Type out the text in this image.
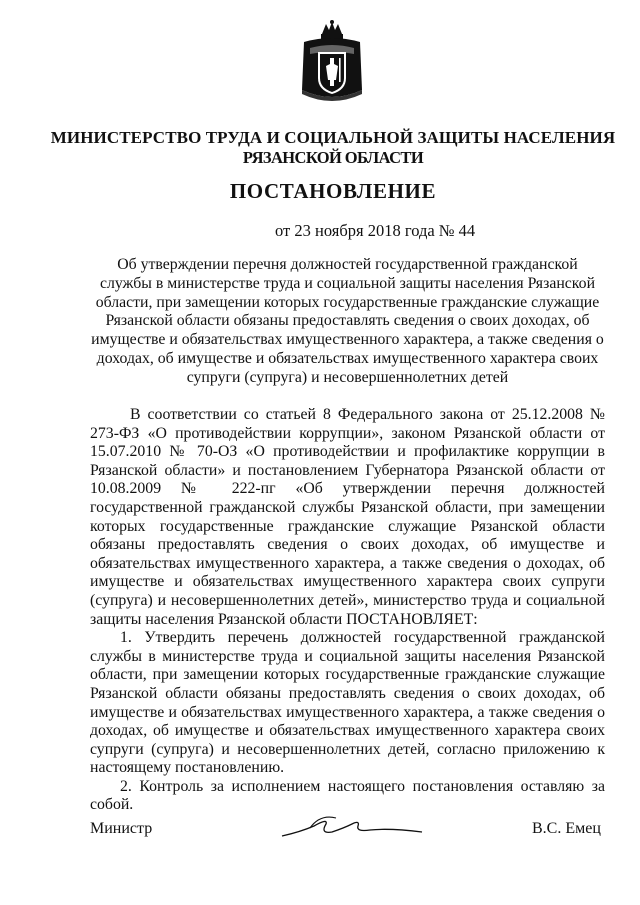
МИНИСТЕРСТВО ТРУДА И СОЦИАЛЬНОЙ ЗАЩИТЫ НАСЕЛЕНИЯ
РЯЗАНСКОЙ ОБЛАСТИ
ПОСТАНОВЛЕНИЕ
от 23 ноября 2018 года № 44
Об утверждении перечня должностей государственной гражданской службы в министерстве труда и социальной защиты населения Рязанской области, при замещении которых государственные гражданские служащие Рязанской области обязаны предоставлять сведения о своих доходах, об имуществе и обязательствах имущественного характера, а также сведения о доходах, об имуществе и обязательствах имущественного характера своих супруги (супруга) и несовершеннолетних детей

В соответствии со статьей 8 Федерального закона от 25.12.2008 № 273-ФЗ «О противодействии коррупции», законом Рязанской области от 15.07.2010 № 70-ОЗ «О противодействии и профилактике коррупции в Рязанской области» и постановлением Губернатора Рязанской области от 10.08.2009 № 222-пг «Об утверждении перечня должностей государственной гражданской службы Рязанской области, при замещении которых государственные гражданские служащие Рязанской области обязаны предоставлять сведения о своих доходах, об имуществе и обязательствах имущественного характера, а также сведения о доходах, об имуществе и обязательствах имущественного характера своих супруги (супруга) и несовершеннолетних детей», министерство труда и социальной защиты населения Рязанской области ПОСТАНОВЛЯЕТ:

1. Утвердить перечень должностей государственной гражданской службы в министерстве труда и социальной защиты населения Рязанской области, при замещении которых государственные гражданские служащие Рязанской области обязаны предоставлять сведения о своих доходах, об имуществе и обязательствах имущественного характера, а также сведения о доходах, об имуществе и обязательствах имущественного характера своих супруги (супруга) и несовершеннолетних детей, согласно приложению к настоящему постановлению.

2. Контроль за исполнением настоящего постановления оставляю за собой.

Министр	В.С. Емец
